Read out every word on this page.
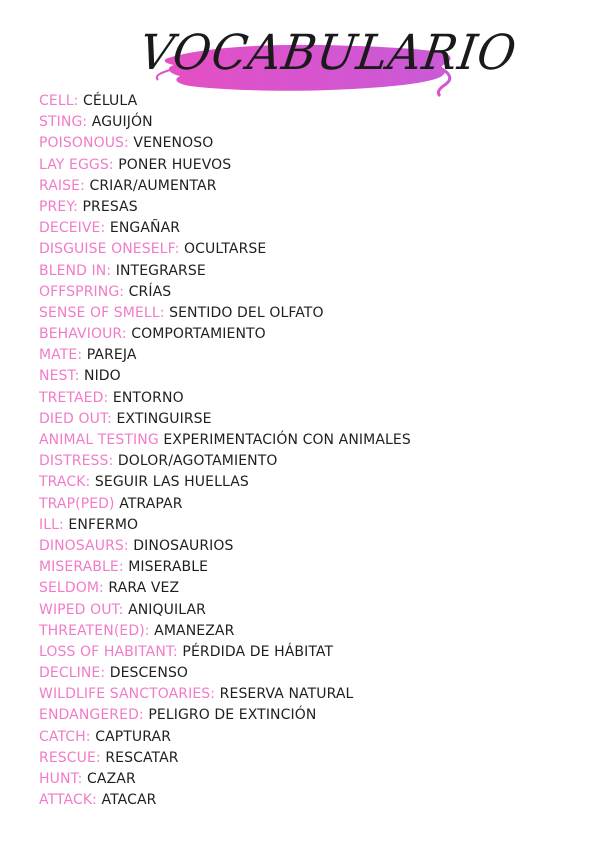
VOCABULARIO
CELL: CÉLULA
STING: AGUIJÓN
POISONOUS: VENENOSO
LAY EGGS: PONER HUEVOS
RAISE: CRIAR/AUMENTAR
PREY: PRESAS
DECEIVE: ENGAÑAR
DISGUISE ONESELF: OCULTARSE
BLEND IN: INTEGRARSE
OFFSPRING: CRÍAS
SENSE OF SMELL: SENTIDO DEL OLFATO
BEHAVIOUR: COMPORTAMIENTO
MATE: PAREJA
NEST: NIDO
TRETAED: ENTORNO
DIED OUT: EXTINGUIRSE
ANIMAL TESTING EXPERIMENTACIÓN CON ANIMALES
DISTRESS: DOLOR/AGOTAMIENTO
TRACK: SEGUIR LAS HUELLAS
TRAP(PED) ATRAPAR
ILL: ENFERMO
DINOSAURS: DINOSAURIOS
MISERABLE: MISERABLE
SELDOM: RARA VEZ
WIPED OUT: ANIQUILAR
THREATEN(ED): AMANEZAR
LOSS OF HABITANT: PÉRDIDA DE HÁBITAT
DECLINE: DESCENSO
WILDLIFE SANCTOARIES: RESERVA NATURAL
ENDANGERED: PELIGRO DE EXTINCIÓN
CATCH: CAPTURAR
RESCUE: RESCATAR
HUNT: CAZAR
ATTACK: ATACAR
